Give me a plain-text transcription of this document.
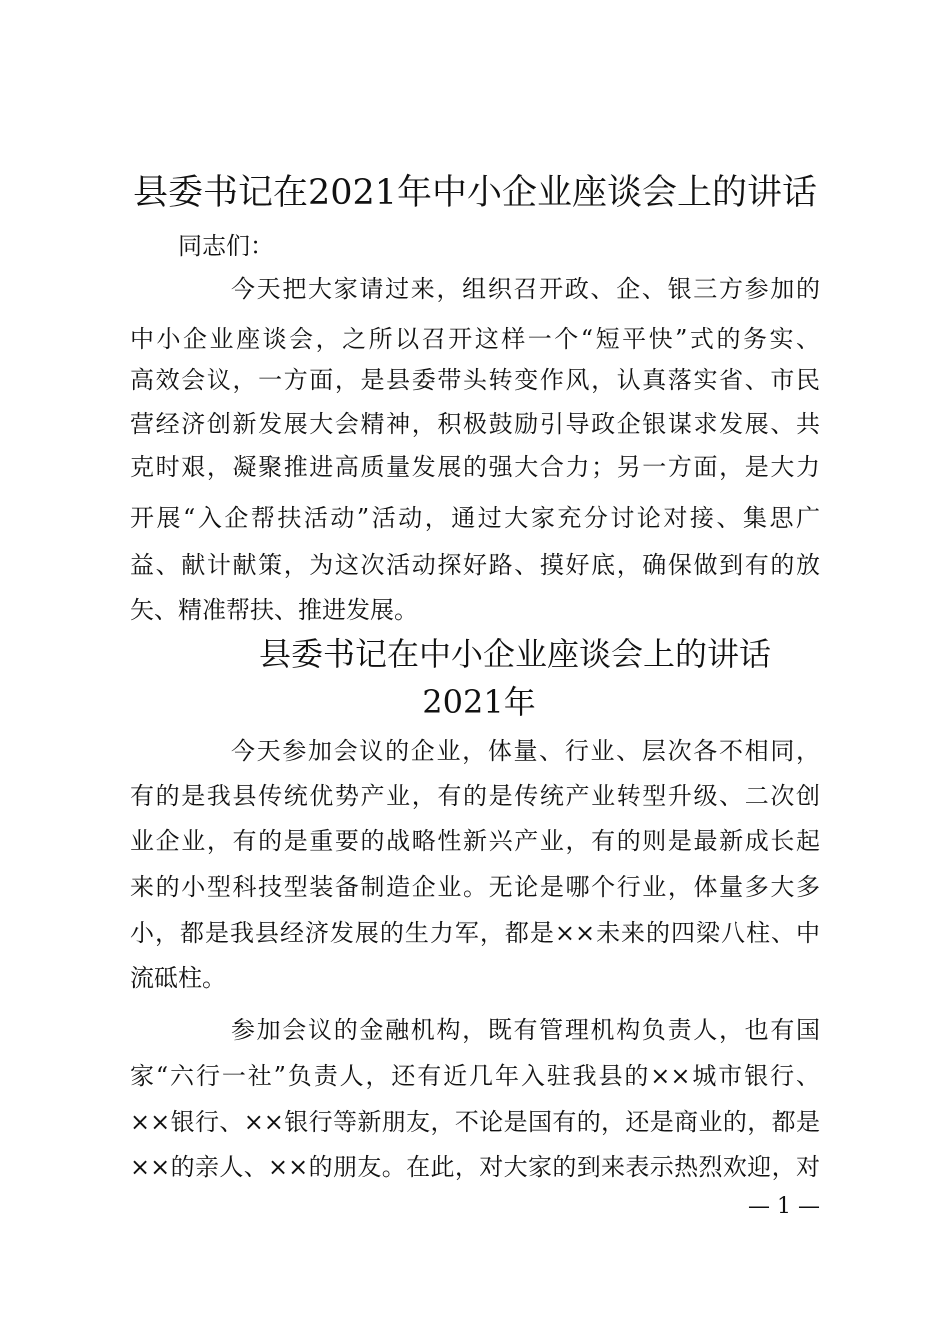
县委书记在2021年中小企业座谈会上的讲话
同志们：
今天把大家请过来，组织召开政、企、银三方参加的
中小企业座谈会，之所以召开这样一个“短平快”式的务实、
高效会议，一方面，是县委带头转变作风，认真落实省、市民
营经济创新发展大会精神，积极鼓励引导政企银谋求发展、共
克时艰，凝聚推进高质量发展的强大合力；另一方面，是大力
开展“入企帮扶活动”活动，通过大家充分讨论对接、集思广
益、献计献策，为这次活动探好路、摸好底，确保做到有的放
矢、精准帮扶、推进发展。
县委书记在中小企业座谈会上的讲话
2021年
今天参加会议的企业，体量、行业、层次各不相同，
有的是我县传统优势产业，有的是传统产业转型升级、二次创
业企业，有的是重要的战略性新兴产业，有的则是最新成长起
来的小型科技型装备制造企业。无论是哪个行业，体量多大多
小，都是我县经济发展的生力军，都是××未来的四梁八柱、中
流砥柱。
参加会议的金融机构，既有管理机构负责人，也有国
家“六行一社”负责人，还有近几年入驻我县的××城市银行、
××银行、××银行等新朋友，不论是国有的，还是商业的，都是
××的亲人、××的朋友。在此，对大家的到来表示热烈欢迎，对
— 1 —
